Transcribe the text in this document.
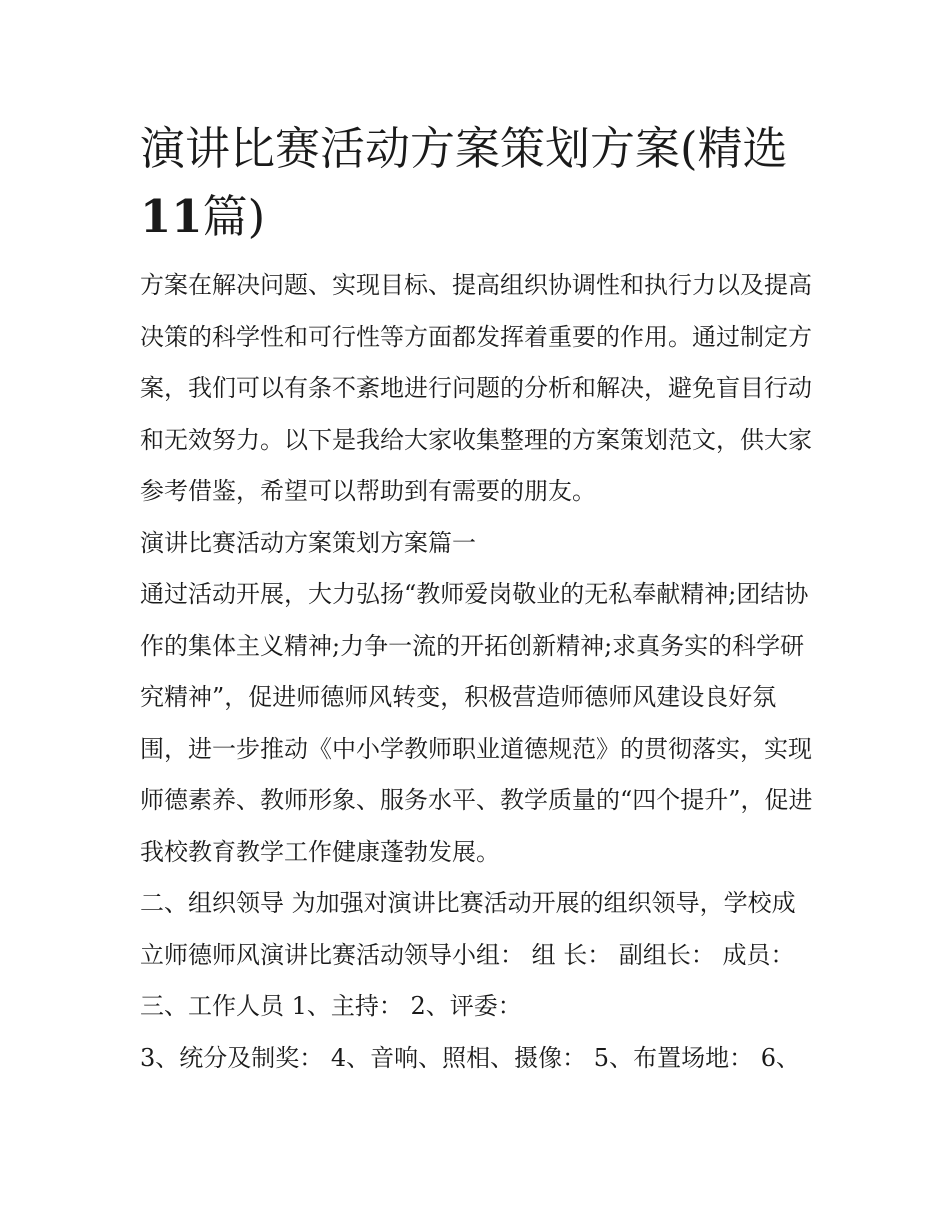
演讲比赛活动方案策划方案(精选11篇)

方案在解决问题、实现目标、提高组织协调性和执行力以及提高决策的科学性和可行性等方面都发挥着重要的作用。通过制定方案，我们可以有条不紊地进行问题的分析和解决，避免盲目行动和无效努力。以下是我给大家收集整理的方案策划范文，供大家参考借鉴，希望可以帮助到有需要的朋友。

演讲比赛活动方案策划方案篇一

通过活动开展，大力弘扬“教师爱岗敬业的无私奉献精神;团结协作的集体主义精神;力争一流的开拓创新精神;求真务实的科学研究精神”，促进师德师风转变，积极营造师德师风建设良好氛围，进一步推动《中小学教师职业道德规范》的贯彻落实，实现师德素养、教师形象、服务水平、教学质量的“四个提升”，促进我校教育教学工作健康蓬勃发展。

二、组织领导 为加强对演讲比赛活动开展的组织领导，学校成立师德师风演讲比赛活动领导小组： 组 长： 副组长： 成员： 三、工作人员 1、主持： 2、评委：

3、统分及制奖： 4、音响、照相、摄像： 5、布置场地： 6、
